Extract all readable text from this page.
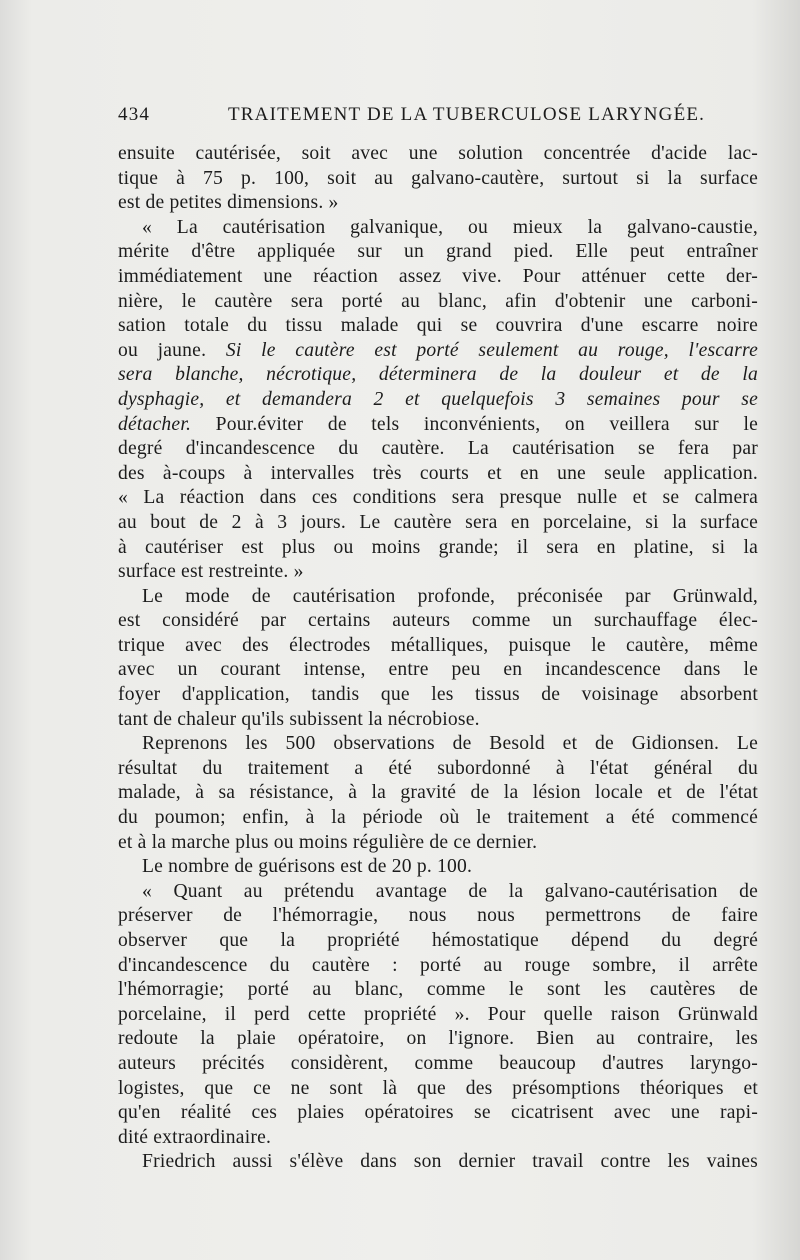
434	TRAITEMENT DE LA TUBERCULOSE LARYNGÉE.
ensuite cautérisée, soit avec une solution concentrée d'acide lac-
tique à 75 p. 100, soit au galvano-cautère, surtout si la surface
est de petites dimensions. »
« La cautérisation galvanique, ou mieux la galvano-caustie,
mérite d'être appliquée sur un grand pied. Elle peut entraîner
immédiatement une réaction assez vive. Pour atténuer cette der-
nière, le cautère sera porté au blanc, afin d'obtenir une carboni-
sation totale du tissu malade qui se couvrira d'une escarre noire
ou jaune. Si le cautère est porté seulement au rouge, l'escarre
sera blanche, nécrotique, déterminera de la douleur et de la
dysphagie, et demandera 2 et quelquefois 3 semaines pour se
détacher. Pour.éviter de tels inconvénients, on veillera sur le
degré d'incandescence du cautère. La cautérisation se fera par
des à-coups à intervalles très courts et en une seule application.
« La réaction dans ces conditions sera presque nulle et se calmera
au bout de 2 à 3 jours. Le cautère sera en porcelaine, si la surface
à cautériser est plus ou moins grande; il sera en platine, si la
surface est restreinte. »
Le mode de cautérisation profonde, préconisée par Grünwald,
est considéré par certains auteurs comme un surchauffage élec-
trique avec des électrodes métalliques, puisque le cautère, même
avec un courant intense, entre peu en incandescence dans le
foyer d'application, tandis que les tissus de voisinage absorbent
tant de chaleur qu'ils subissent la nécrobiose.
Reprenons les 500 observations de Besold et de Gidionsen. Le
résultat du traitement a été subordonné à l'état général du
malade, à sa résistance, à la gravité de la lésion locale et de l'état
du poumon; enfin, à la période où le traitement a été commencé
et à la marche plus ou moins régulière de ce dernier.
Le nombre de guérisons est de 20 p. 100.
« Quant au prétendu avantage de la galvano-cautérisation de
préserver de l'hémorragie, nous nous permettrons de faire
observer que la propriété hémostatique dépend du degré
d'incandescence du cautère : porté au rouge sombre, il arrête
l'hémorragie; porté au blanc, comme le sont les cautères de
porcelaine, il perd cette propriété ». Pour quelle raison Grünwald
redoute la plaie opératoire, on l'ignore. Bien au contraire, les
auteurs précités considèrent, comme beaucoup d'autres laryngo-
logistes, que ce ne sont là que des présomptions théoriques et
qu'en réalité ces plaies opératoires se cicatrisent avec une rapi-
dité extraordinaire.
Friedrich aussi s'élève dans son dernier travail contre les vaines
